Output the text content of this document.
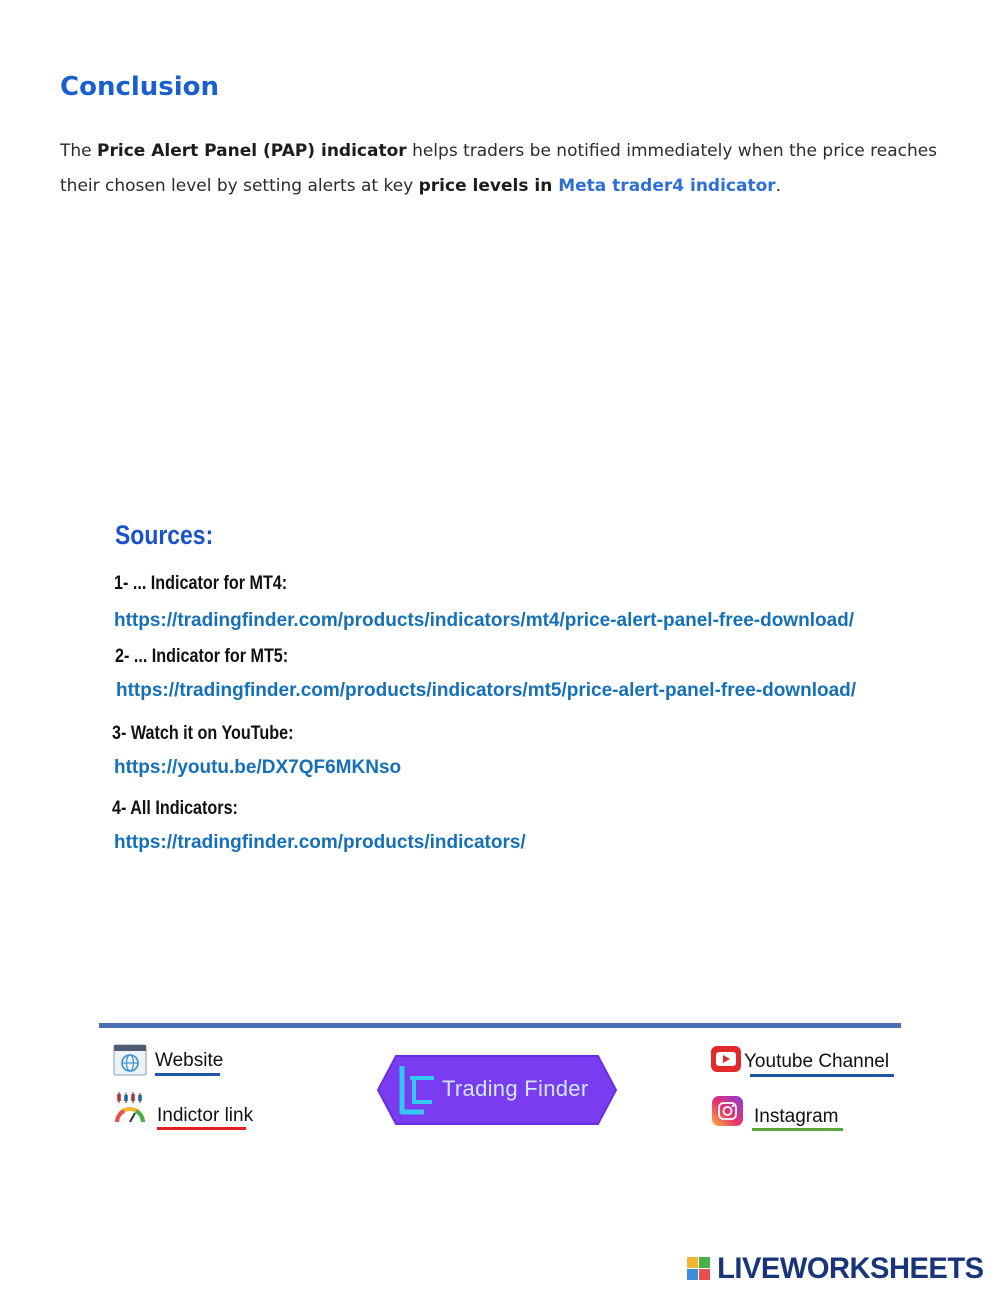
Conclusion
The Price Alert Panel (PAP) indicator helps traders be notified immediately when the price reaches their chosen level by setting alerts at key price levels in Meta trader4 indicator.
Sources:
1- ... Indicator for MT4:
https://tradingfinder.com/products/indicators/mt4/price-alert-panel-free-download/
2- ... Indicator for MT5:
https://tradingfinder.com/products/indicators/mt5/price-alert-panel-free-download/
3- Watch it on YouTube:
https://youtu.be/DX7QF6MKNso
4- All Indicators:
https://tradingfinder.com/products/indicators/
Website
Indictor link
Trading Finder
Youtube Channel
Instagram
LIVEWORKSHEETS
